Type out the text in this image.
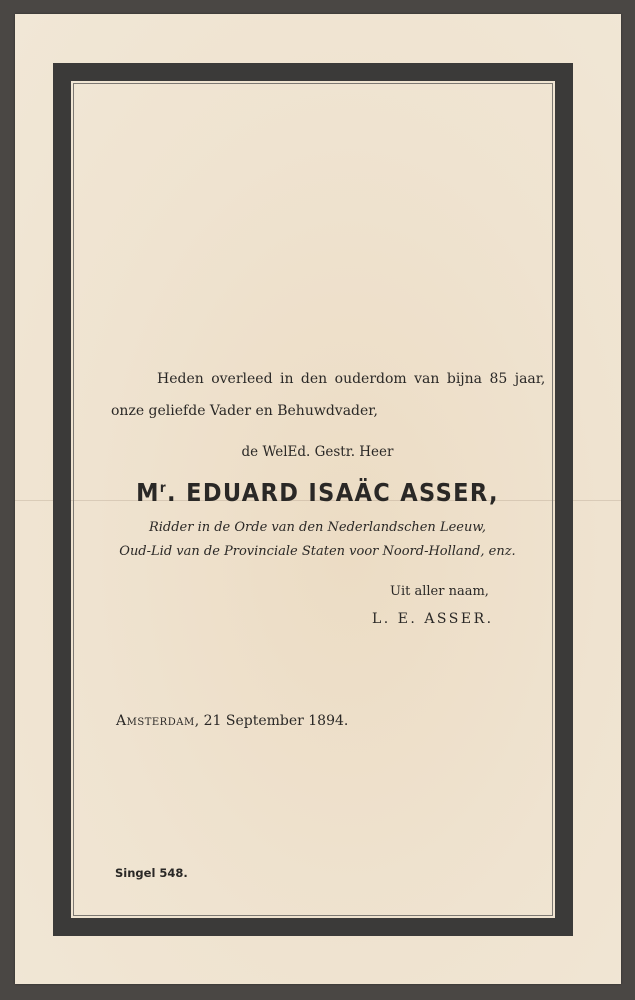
Heden overleed in den ouderdom van bijna 85 jaar,

onze geliefde Vader en Behuwdvader,

de WelEd. Gestr. Heer

$M^r$. EDUARD ISAÄC ASSER,

Ridder in de Orde van den Nederlandschen Leeuw,

Oud-Lid van de Provinciale Staten voor Noord-Holland, enz.

Uit aller naam,

L. E. ASSER.

Amsterdam, 21 September 1894.

Singel 548.
